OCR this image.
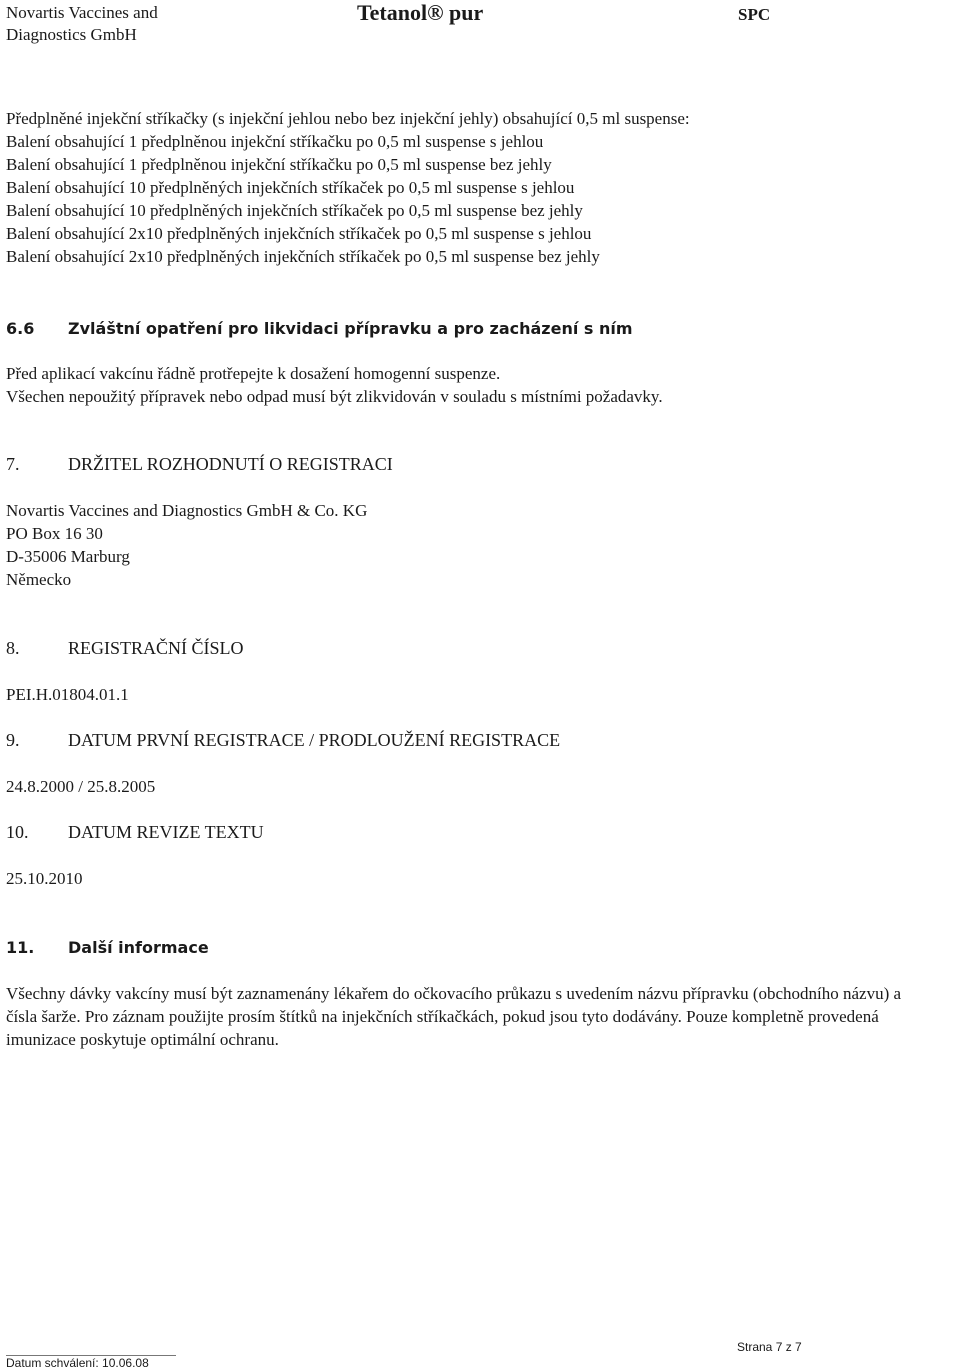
Novartis Vaccines and
Diagnostics GmbH
Tetanol® pur	SPC
Předplněné injekční stříkačky (s injekční jehlou nebo bez injekční jehly) obsahující 0,5 ml suspense:
Balení obsahující 1 předplněnou injekční stříkačku po 0,5 ml suspense s jehlou
Balení obsahující 1 předplněnou injekční stříkačku po 0,5 ml suspense bez jehly
Balení obsahující 10 předplněných injekčních stříkaček po 0,5 ml suspense s jehlou
Balení obsahující 10 předplněných injekčních stříkaček po 0,5 ml suspense bez jehly
Balení obsahující 2x10 předplněných injekčních stříkaček po 0,5 ml suspense s jehlou
Balení obsahující 2x10 předplněných injekčních stříkaček po 0,5 ml suspense bez jehly
6.6 Zvláštní opatření pro likvidaci přípravku a pro zacházení s ním
Před aplikací vakcínu řádně protřepejte k dosažení homogenní suspenze.
Všechen nepoužitý přípravek nebo odpad musí být zlikvidován v souladu s místními požadavky.
7.	DRŽITEL ROZHODNUTÍ O REGISTRACI
Novartis Vaccines and Diagnostics GmbH & Co. KG
PO Box 16 30
D-35006 Marburg
Německo
8.	REGISTRAČNÍ ČÍSLO
PEI.H.01804.01.1
9.	DATUM PRVNÍ REGISTRACE / PRODLOUŽENÍ REGISTRACE
24.8.2000 / 25.8.2005
10. DATUM REVIZE TEXTU
25.10.2010
11. Další informace
Všechny dávky vakcíny musí být zaznamenány lékařem do očkovacího průkazu s uvedením názvu přípravku (obchodního názvu) a čísla šarže. Pro záznam použijte prosím štítků na injekčních stříkačkách, pokud jsou tyto dodávány. Pouze kompletně provedená imunizace poskytuje optimální ochranu.
Strana 7 z 7
Datum schválení: 10.06.08
